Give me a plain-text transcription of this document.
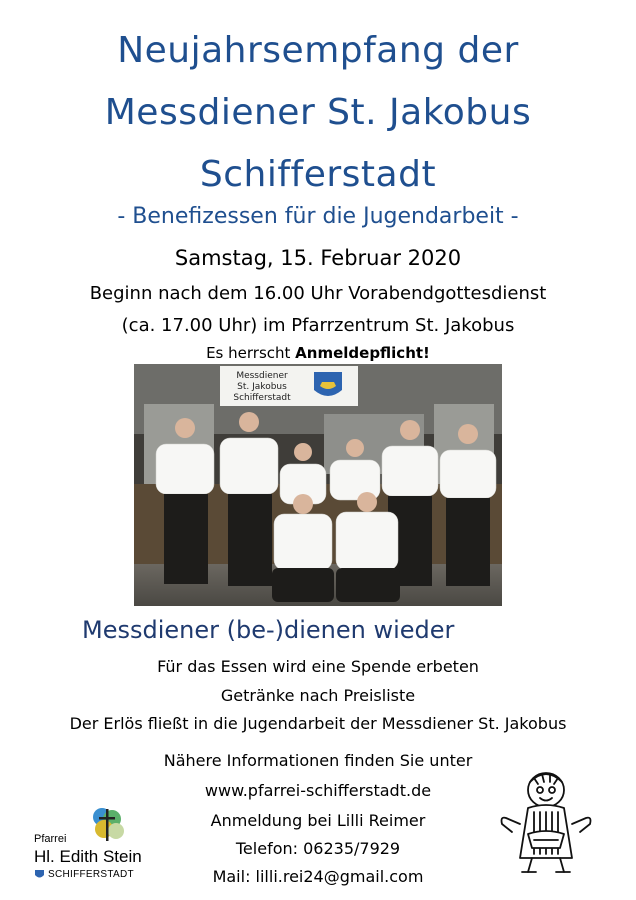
Neujahrsempfang der
Messdiener St. Jakobus
Schifferstadt
- Benefizessen für die Jugendarbeit -
Samstag, 15. Februar 2020
Beginn nach dem 16.00 Uhr Vorabendgottesdienst
(ca. 17.00 Uhr) im Pfarrzentrum St. Jakobus
Es herrscht Anmeldepflicht!
Messdiener
St. Jakobus
Schifferstadt
Messdiener (be-)dienen wieder
Für das Essen wird eine Spende erbeten
Getränke nach Preisliste
Der Erlös fließt in die Jugendarbeit der Messdiener St. Jakobus
Nähere Informationen finden Sie unter
www.pfarrei-schifferstadt.de
Anmeldung bei Lilli Reimer
Telefon: 06235/7929
Mail: lilli.rei24@gmail.com
Pfarrei
Hl. Edith Stein
SCHIFFERSTADT
